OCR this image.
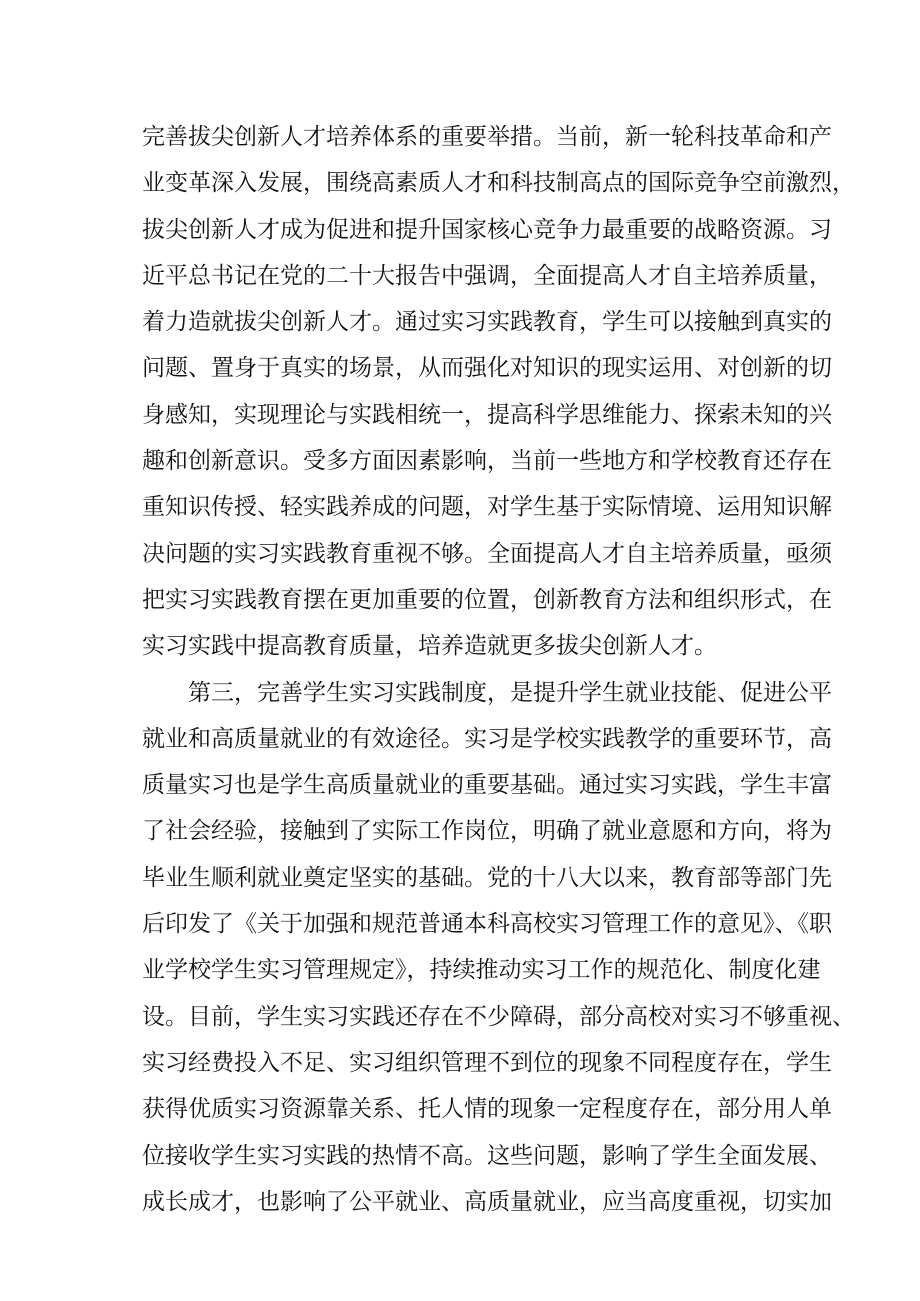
完善拔尖创新人才培养体系的重要举措。当前，新一轮科技革命和产
业变革深入发展，围绕高素质人才和科技制高点的国际竞争空前激烈，
拔尖创新人才成为促进和提升国家核心竞争力最重要的战略资源。习
近平总书记在党的二十大报告中强调，全面提高人才自主培养质量，
着力造就拔尖创新人才。通过实习实践教育，学生可以接触到真实的
问题、置身于真实的场景，从而强化对知识的现实运用、对创新的切
身感知，实现理论与实践相统一，提高科学思维能力、探索未知的兴
趣和创新意识。受多方面因素影响，当前一些地方和学校教育还存在
重知识传授、轻实践养成的问题，对学生基于实际情境、运用知识解
决问题的实习实践教育重视不够。全面提高人才自主培养质量，亟须
把实习实践教育摆在更加重要的位置，创新教育方法和组织形式，在
实习实践中提高教育质量，培养造就更多拔尖创新人才。
第三，完善学生实习实践制度，是提升学生就业技能、促进公平
就业和高质量就业的有效途径。实习是学校实践教学的重要环节，高
质量实习也是学生高质量就业的重要基础。通过实习实践，学生丰富
了社会经验，接触到了实际工作岗位，明确了就业意愿和方向，将为
毕业生顺利就业奠定坚实的基础。党的十八大以来，教育部等部门先
后印发了《关于加强和规范普通本科高校实习管理工作的意见》、《职
业学校学生实习管理规定》，持续推动实习工作的规范化、制度化建
设。目前，学生实习实践还存在不少障碍，部分高校对实习不够重视、
实习经费投入不足、实习组织管理不到位的现象不同程度存在，学生
获得优质实习资源靠关系、托人情的现象一定程度存在，部分用人单
位接收学生实习实践的热情不高。这些问题，影响了学生全面发展、
成长成才，也影响了公平就业、高质量就业，应当高度重视，切实加
